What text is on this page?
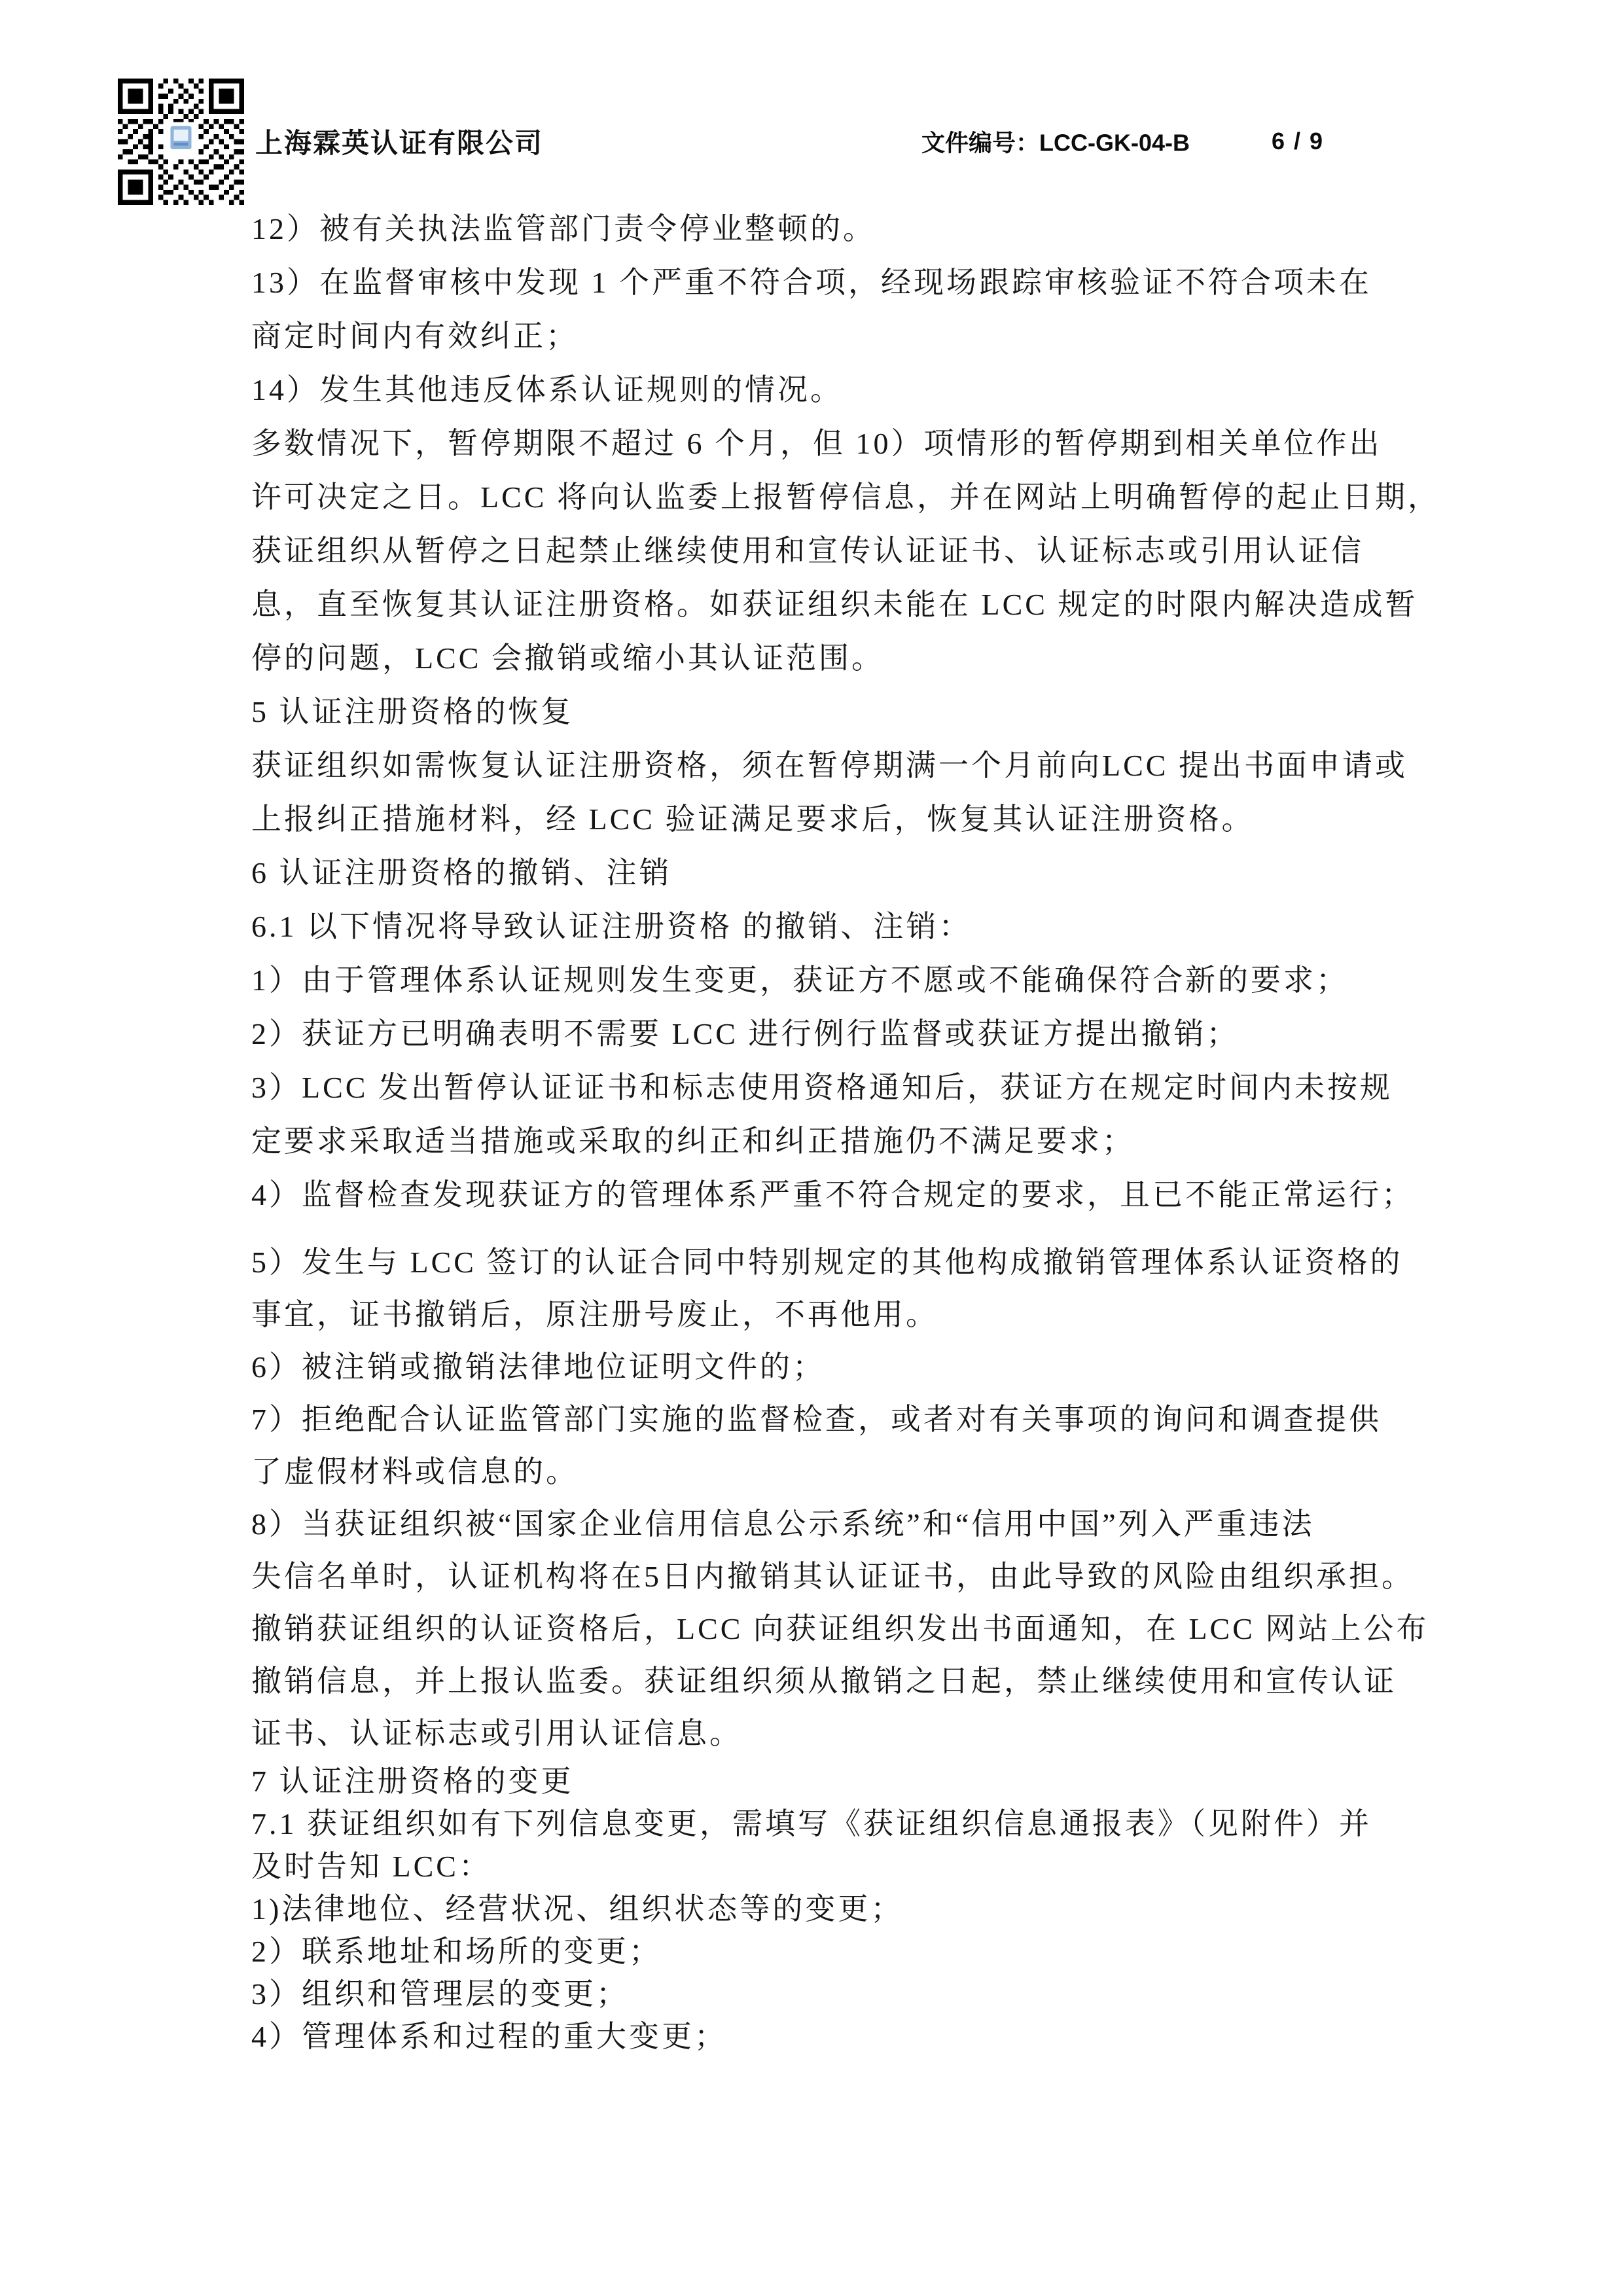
上海霖英认证有限公司	文件编号：LCC-GK-04-B	6 / 9
12）被有关执法监管部门责令停业整顿的。
13）在监督审核中发现 1 个严重不符合项，经现场跟踪审核验证不符合项未在
商定时间内有效纠正；
14）发生其他违反体系认证规则的情况。
多数情况下，暂停期限不超过 6 个月，但 10）项情形的暂停期到相关单位作出
许可决定之日。LCC 将向认监委上报暂停信息，并在网站上明确暂停的起止日期，
获证组织从暂停之日起禁止继续使用和宣传认证证书、认证标志或引用认证信
息，直至恢复其认证注册资格。如获证组织未能在 LCC 规定的时限内解决造成暂
停的问题，LCC 会撤销或缩小其认证范围。
5 认证注册资格的恢复
获证组织如需恢复认证注册资格，须在暂停期满一个月前向LCC 提出书面申请或
上报纠正措施材料，经 LCC 验证满足要求后，恢复其认证注册资格。
6 认证注册资格的撤销、注销
6.1 以下情况将导致认证注册资格 的撤销、注销：
1）由于管理体系认证规则发生变更，获证方不愿或不能确保符合新的要求；
2）获证方已明确表明不需要 LCC 进行例行监督或获证方提出撤销；
3）LCC 发出暂停认证证书和标志使用资格通知后，获证方在规定时间内未按规
定要求采取适当措施或采取的纠正和纠正措施仍不满足要求；
4）监督检查发现获证方的管理体系严重不符合规定的要求，且已不能正常运行；
5）发生与 LCC 签订的认证合同中特别规定的其他构成撤销管理体系认证资格的
事宜，证书撤销后，原注册号废止，不再他用。
6）被注销或撤销法律地位证明文件的；
7）拒绝配合认证监管部门实施的监督检查，或者对有关事项的询问和调查提供
了虚假材料或信息的。
8）当获证组织被“国家企业信用信息公示系统”和“信用中国”列入严重违法
失信名单时，认证机构将在5日内撤销其认证证书，由此导致的风险由组织承担。
撤销获证组织的认证资格后，LCC 向获证组织发出书面通知，在 LCC 网站上公布
撤销信息，并上报认监委。获证组织须从撤销之日起，禁止继续使用和宣传认证
证书、认证标志或引用认证信息。
7 认证注册资格的变更
7.1 获证组织如有下列信息变更，需填写《获证组织信息通报表》（见附件）并
及时告知 LCC：
1)法律地位、经营状况、组织状态等的变更；
2）联系地址和场所的变更；
3）组织和管理层的变更；
4）管理体系和过程的重大变更；
